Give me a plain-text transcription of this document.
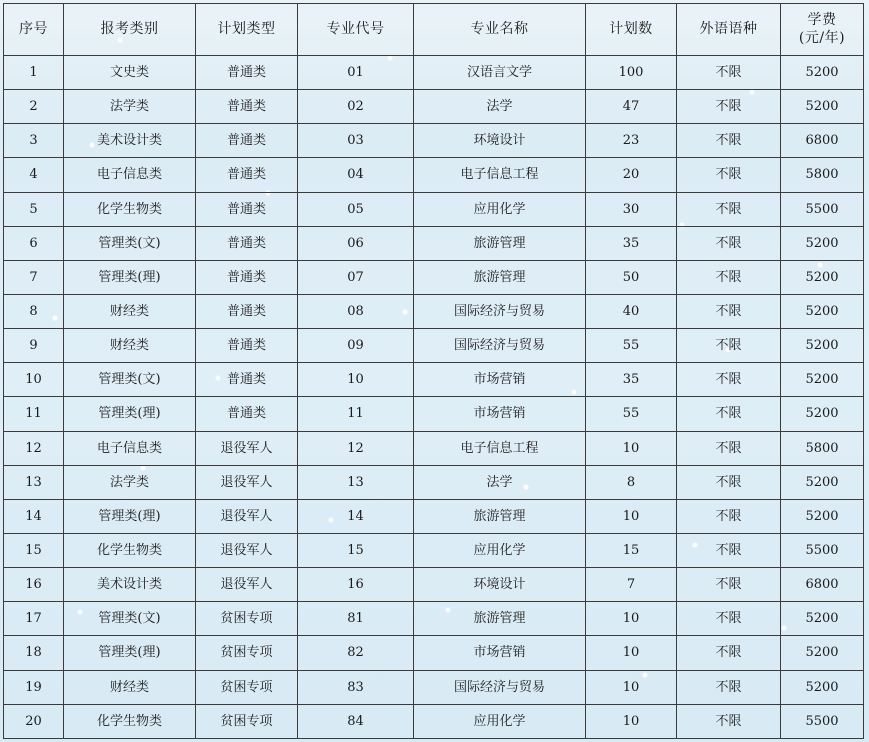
序号	报考类别	计划类型	专业代号	专业名称	计划数	外语语种	学费
(元/年)

1	文史类	普通类	01	汉语言文学	100	不限	5200
2	法学类	普通类	02	法学	47	不限	5200
3	美术设计类	普通类	03	环境设计	23	不限	6800
4	电子信息类	普通类	04	电子信息工程	20	不限	5800
5	化学生物类	普通类	05	应用化学	30	不限	5500
6	管理类(文)	普通类	06	旅游管理	35	不限	5200
7	管理类(理)	普通类	07	旅游管理	50	不限	5200
8	财经类	普通类	08	国际经济与贸易	40	不限	5200
9	财经类	普通类	09	国际经济与贸易	55	不限	5200
10	管理类(文)	普通类	10	市场营销	35	不限	5200
11	管理类(理)	普通类	11	市场营销	55	不限	5200
12	电子信息类	退役军人	12	电子信息工程	10	不限	5800
13	法学类	退役军人	13	法学	8	不限	5200
14	管理类(理)	退役军人	14	旅游管理	10	不限	5200
15	化学生物类	退役军人	15	应用化学	15	不限	5500
16	美术设计类	退役军人	16	环境设计	7	不限	6800
17	管理类(文)	贫困专项	81	旅游管理	10	不限	5200
18	管理类(理)	贫困专项	82	市场营销	10	不限	5200
19	财经类	贫困专项	83	国际经济与贸易	10	不限	5200
20	化学生物类	贫困专项	84	应用化学	10	不限	5500
